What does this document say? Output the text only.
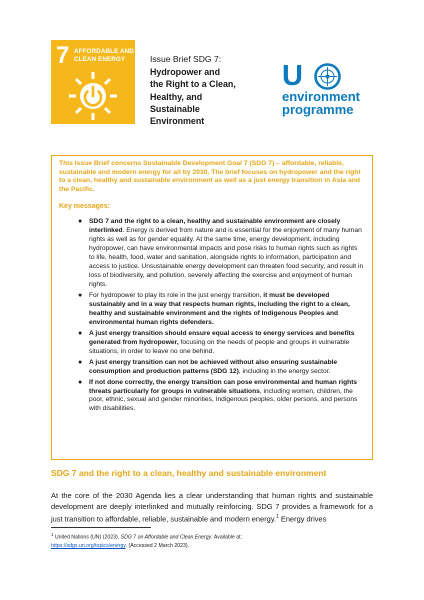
7 AFFORDABLE AND
CLEAN ENERGY	Issue Brief SDG 7:
Hydropower and
the Right to a Clean,
Healthy, and
Sustainable
Environment
U
environment
programme

This Issue Brief concerns Sustainable Development Goal 7 (SDG 7) – affordable, reliable, sustainable and modern energy for all by 2030. The brief focuses on hydropower and the right to a clean, healthy and sustainable environment as well as a just energy transition in Asia and the Pacific.

Key messages:

● SDG 7 and the right to a clean, healthy and sustainable environment are closely interlinked. Energy is derived from nature and is essential for the enjoyment of many human rights as well as for gender equality. At the same time, energy development, including hydropower, can have environmental impacts and pose risks to human rights such as rights to life, health, food, water and sanitation, alongside rights to information, participation and access to justice. Unsustainable energy development can threaten food security, and result in loss of biodiversity, and pollution, severely affecting the exercise and enjoyment of human rights.
● For hydropower to play its role in the just energy transition, it must be developed sustainably and in a way that respects human rights, including the right to a clean, healthy and sustainable environment and the rights of Indigenous Peoples and environmental human rights defenders.
● A just energy transition should ensure equal access to energy services and benefits generated from hydropower, focusing on the needs of people and groups in vulnerable situations, in order to leave no one behind.
● A just energy transition can not be achieved without also ensuring sustainable consumption and production patterns (SDG 12), including in the energy sector.
● If not done correctly, the energy transition can pose environmental and human rights threats particularly for groups in vulnerable situations, including women, children, the poor, ethnic, sexual and gender minorities, Indigenous peoples, older persons, and persons with disabilities.
SDG 7 and the right to a clean, healthy and sustainable environment

At the core of the 2030 Agenda lies a clear understanding that human rights and sustainable development are deeply interlinked and mutually reinforcing. SDG 7 provides a framework for a just transition to affordable, reliable, sustainable and modern energy.$^1$ Energy drives

$^1$ United Nations (UN) (2023). SDG 7 on Affordable and Clean Energy. Available at:
https://sdgs.un.org/topics/energy. (Accessed 2 March 2023).
